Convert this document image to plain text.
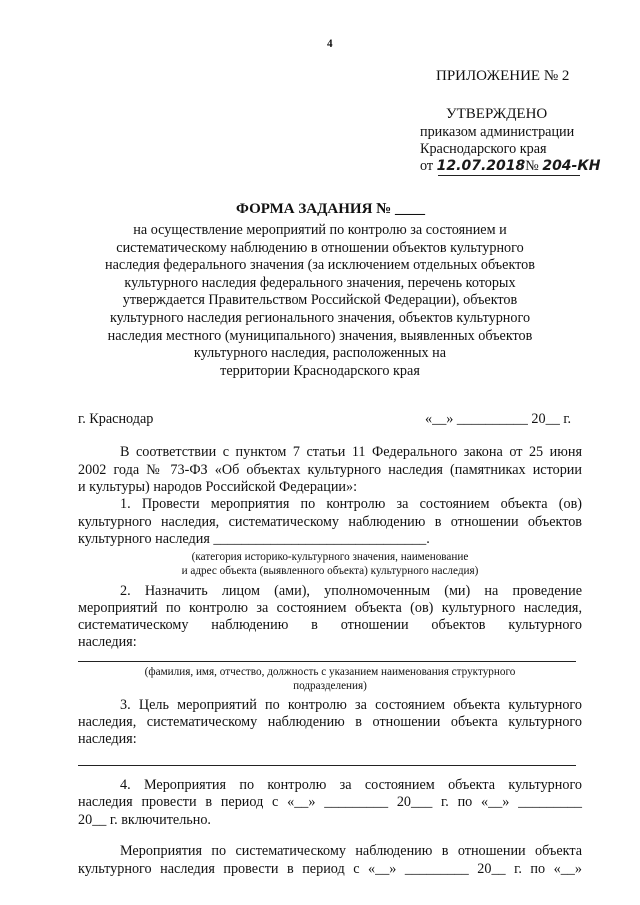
4
ПРИЛОЖЕНИЕ № 2
УТВЕРЖДЕНО
приказом администрации
Краснодарского края
от 12.07.2018№ 204-КН
ФОРМА ЗАДАНИЯ № ____
на осуществление мероприятий по контролю за состоянием и
систематическому наблюдению в отношении объектов культурного
наследия федерального значения (за исключением отдельных объектов
культурного наследия федерального значения, перечень которых
утверждается Правительством Российской Федерации), объектов
культурного наследия регионального значения, объектов культурного
наследия местного (муниципального) значения, выявленных объектов
культурного наследия, расположенных на
территории Краснодарского края
г. Краснодар	«__» __________ 20__ г.
В соответствии с пунктом 7 статьи 11 Федерального закона от 25 июня
2002 года № 73-ФЗ «Об объектах культурного наследия (памятниках истории
и культуры) народов Российской Федерации»:
1. Провести мероприятия по контролю за состоянием объекта (ов)
культурного наследия, систематическому наблюдению в отношении объектов
культурного наследия ______________________________.
(категория историко-культурного значения, наименование
и адрес объекта (выявленного объекта) культурного наследия)
2. Назначить лицом (ами), уполномоченным (ми) на проведение
мероприятий по контролю за состоянием объекта (ов) культурного наследия,
систематическому наблюдению в отношении объектов культурного
наследия:
(фамилия, имя, отчество, должность с указанием наименования структурного
подразделения)
3. Цель мероприятий по контролю за состоянием объекта культурного
наследия, систематическому наблюдению в отношении объекта культурного
наследия:
4. Мероприятия по контролю за состоянием объекта культурного
наследия провести в период с «__» _________ 20___ г. по «__» _________
20__ г. включительно.
Мероприятия по систематическому наблюдению в отношении объекта
культурного наследия провести в период с «__» _________ 20__ г. по «__»
